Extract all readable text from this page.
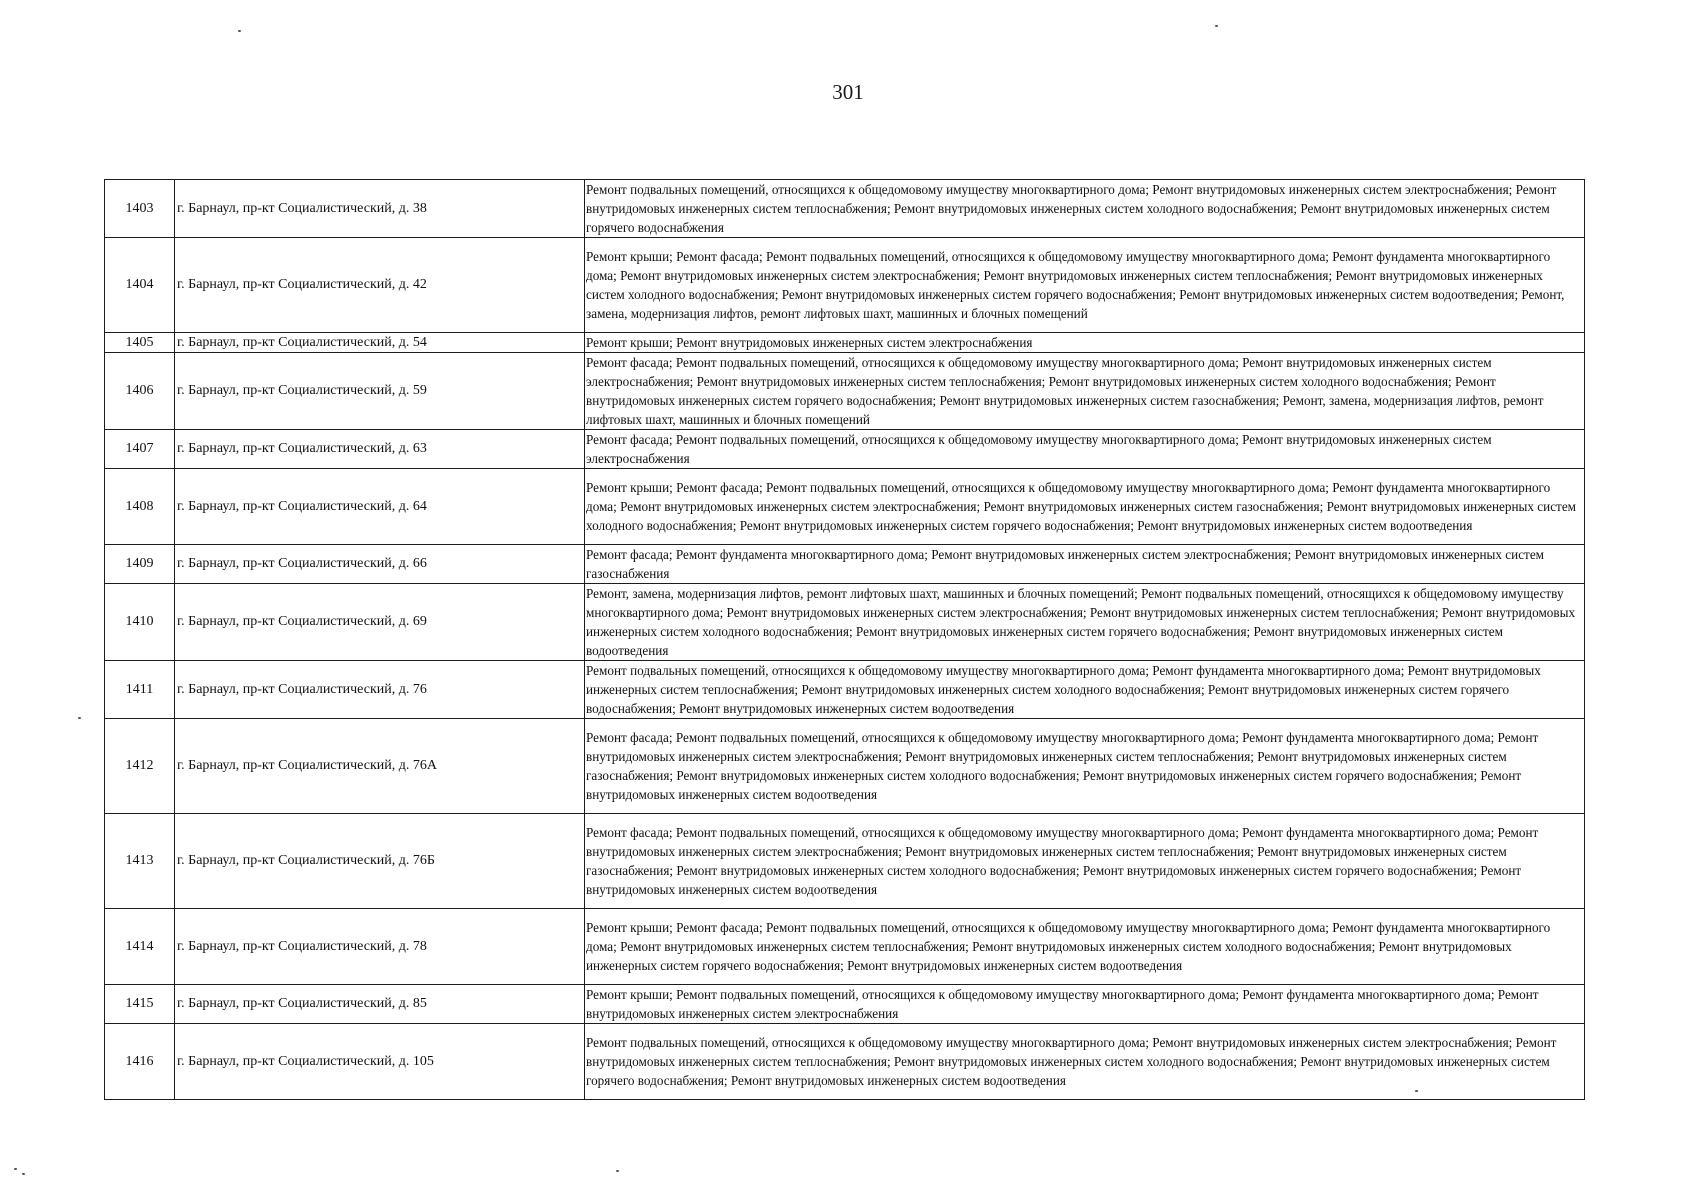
301
1403	г. Барнаул, пр-кт Социалистический, д. 38	Ремонт подвальных помещений, относящихся к общедомовому имуществу многоквартирного дома; Ремонт внутридомовых инженерных систем электроснабжения; Ремонт внутридомовых инженерных систем теплоснабжения; Ремонт внутридомовых инженерных систем холодного водоснабжения; Ремонт внутридомовых инженерных систем горячего водоснабжения
1404	г. Барнаул, пр-кт Социалистический, д. 42	Ремонт крыши; Ремонт фасада; Ремонт подвальных помещений, относящихся к общедомовому имуществу многоквартирного дома; Ремонт фундамента многоквартирного дома; Ремонт внутридомовых инженерных систем электроснабжения; Ремонт внутридомовых инженерных систем теплоснабжения; Ремонт внутридомовых инженерных систем холодного водоснабжения; Ремонт внутридомовых инженерных систем горячего водоснабжения; Ремонт внутридомовых инженерных систем водоотведения; Ремонт, замена, модернизация лифтов, ремонт лифтовых шахт, машинных и блочных помещений
1405	г. Барнаул, пр-кт Социалистический, д. 54	Ремонт крыши; Ремонт внутридомовых инженерных систем электроснабжения
1406	г. Барнаул, пр-кт Социалистический, д. 59	Ремонт фасада; Ремонт подвальных помещений, относящихся к общедомовому имуществу многоквартирного дома; Ремонт внутридомовых инженерных систем электроснабжения; Ремонт внутридомовых инженерных систем теплоснабжения; Ремонт внутридомовых инженерных систем холодного водоснабжения; Ремонт внутридомовых инженерных систем горячего водоснабжения; Ремонт внутридомовых инженерных систем газоснабжения; Ремонт, замена, модернизация лифтов, ремонт лифтовых шахт, машинных и блочных помещений
1407	г. Барнаул, пр-кт Социалистический, д. 63	Ремонт фасада; Ремонт подвальных помещений, относящихся к общедомовому имуществу многоквартирного дома; Ремонт внутридомовых инженерных систем электроснабжения
1408	г. Барнаул, пр-кт Социалистический, д. 64	Ремонт крыши; Ремонт фасада; Ремонт подвальных помещений, относящихся к общедомовому имуществу многоквартирного дома; Ремонт фундамента многоквартирного дома; Ремонт внутридомовых инженерных систем электроснабжения; Ремонт внутридомовых инженерных систем газоснабжения; Ремонт внутридомовых инженерных систем холодного водоснабжения; Ремонт внутридомовых инженерных систем горячего водоснабжения; Ремонт внутридомовых инженерных систем водоотведения
1409	г. Барнаул, пр-кт Социалистический, д. 66	Ремонт фасада; Ремонт фундамента многоквартирного дома; Ремонт внутридомовых инженерных систем электроснабжения; Ремонт внутридомовых инженерных систем газоснабжения
1410	г. Барнаул, пр-кт Социалистический, д. 69	Ремонт, замена, модернизация лифтов, ремонт лифтовых шахт, машинных и блочных помещений; Ремонт подвальных помещений, относящихся к общедомовому имуществу многоквартирного дома; Ремонт внутридомовых инженерных систем электроснабжения; Ремонт внутридомовых инженерных систем теплоснабжения; Ремонт внутридомовых инженерных систем холодного водоснабжения; Ремонт внутридомовых инженерных систем горячего водоснабжения; Ремонт внутридомовых инженерных систем водоотведения
1411	г. Барнаул, пр-кт Социалистический, д. 76	Ремонт подвальных помещений, относящихся к общедомовому имуществу многоквартирного дома; Ремонт фундамента многоквартирного дома; Ремонт внутридомовых инженерных систем теплоснабжения; Ремонт внутридомовых инженерных систем холодного водоснабжения; Ремонт внутридомовых инженерных систем горячего водоснабжения; Ремонт внутридомовых инженерных систем водоотведения
1412	г. Барнаул, пр-кт Социалистический, д. 76А	Ремонт фасада; Ремонт подвальных помещений, относящихся к общедомовому имуществу многоквартирного дома; Ремонт фундамента многоквартирного дома; Ремонт внутридомовых инженерных систем электроснабжения; Ремонт внутридомовых инженерных систем теплоснабжения; Ремонт внутридомовых инженерных систем газоснабжения; Ремонт внутридомовых инженерных систем холодного водоснабжения; Ремонт внутридомовых инженерных систем горячего водоснабжения; Ремонт внутридомовых инженерных систем водоотведения
1413	г. Барнаул, пр-кт Социалистический, д. 76Б	Ремонт фасада; Ремонт подвальных помещений, относящихся к общедомовому имуществу многоквартирного дома; Ремонт фундамента многоквартирного дома; Ремонт внутридомовых инженерных систем электроснабжения; Ремонт внутридомовых инженерных систем теплоснабжения; Ремонт внутридомовых инженерных систем газоснабжения; Ремонт внутридомовых инженерных систем холодного водоснабжения; Ремонт внутридомовых инженерных систем горячего водоснабжения; Ремонт внутридомовых инженерных систем водоотведения
1414	г. Барнаул, пр-кт Социалистический, д. 78	Ремонт крыши; Ремонт фасада; Ремонт подвальных помещений, относящихся к общедомовому имуществу многоквартирного дома; Ремонт фундамента многоквартирного дома; Ремонт внутридомовых инженерных систем теплоснабжения; Ремонт внутридомовых инженерных систем холодного водоснабжения; Ремонт внутридомовых инженерных систем горячего водоснабжения; Ремонт внутридомовых инженерных систем водоотведения
1415	г. Барнаул, пр-кт Социалистический, д. 85	Ремонт крыши; Ремонт подвальных помещений, относящихся к общедомовому имуществу многоквартирного дома; Ремонт фундамента многоквартирного дома; Ремонт внутридомовых инженерных систем электроснабжения
1416	г. Барнаул, пр-кт Социалистический, д. 105	Ремонт подвальных помещений, относящихся к общедомовому имуществу многоквартирного дома; Ремонт внутридомовых инженерных систем электроснабжения; Ремонт внутридомовых инженерных систем теплоснабжения; Ремонт внутридомовых инженерных систем холодного водоснабжения; Ремонт внутридомовых инженерных систем горячего водоснабжения; Ремонт внутридомовых инженерных систем водоотведения
